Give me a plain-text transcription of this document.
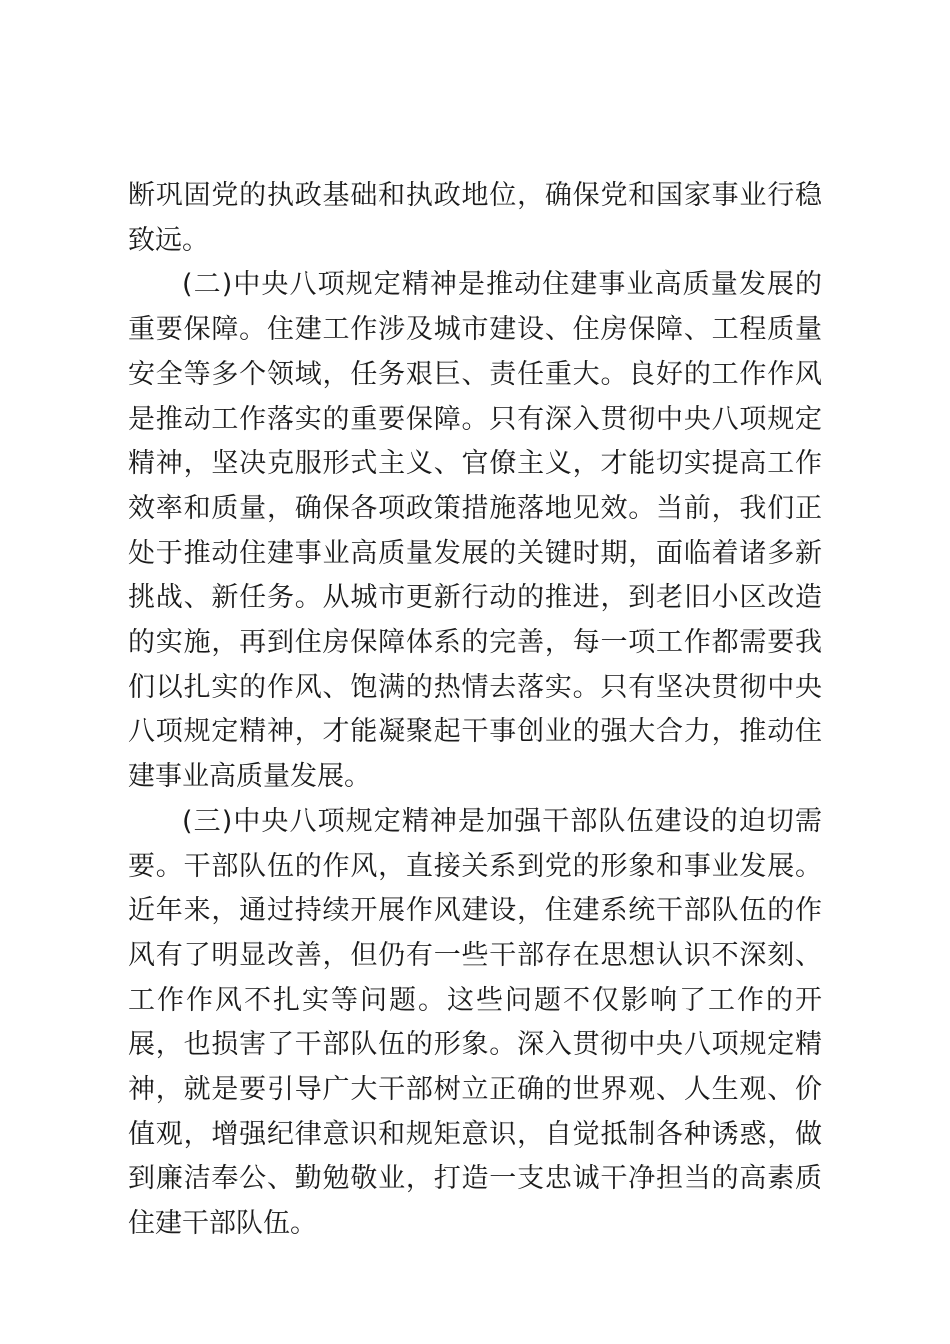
断巩固党的执政基础和执政地位，确保党和国家事业行稳致远。

(二)中央八项规定精神是推动住建事业高质量发展的重要保障。住建工作涉及城市建设、住房保障、工程质量安全等多个领域，任务艰巨、责任重大。良好的工作作风是推动工作落实的重要保障。只有深入贯彻中央八项规定精神，坚决克服形式主义、官僚主义，才能切实提高工作效率和质量，确保各项政策措施落地见效。当前，我们正处于推动住建事业高质量发展的关键时期，面临着诸多新挑战、新任务。从城市更新行动的推进，到老旧小区改造的实施，再到住房保障体系的完善，每一项工作都需要我们以扎实的作风、饱满的热情去落实。只有坚决贯彻中央八项规定精神，才能凝聚起干事创业的强大合力，推动住建事业高质量发展。

(三)中央八项规定精神是加强干部队伍建设的迫切需要。干部队伍的作风，直接关系到党的形象和事业发展。近年来，通过持续开展作风建设，住建系统干部队伍的作风有了明显改善，但仍有一些干部存在思想认识不深刻、工作作风不扎实等问题。这些问题不仅影响了工作的开展，也损害了干部队伍的形象。深入贯彻中央八项规定精神，就是要引导广大干部树立正确的世界观、人生观、价值观，增强纪律意识和规矩意识，自觉抵制各种诱惑，做到廉洁奉公、勤勉敬业，打造一支忠诚干净担当的高素质住建干部队伍。
